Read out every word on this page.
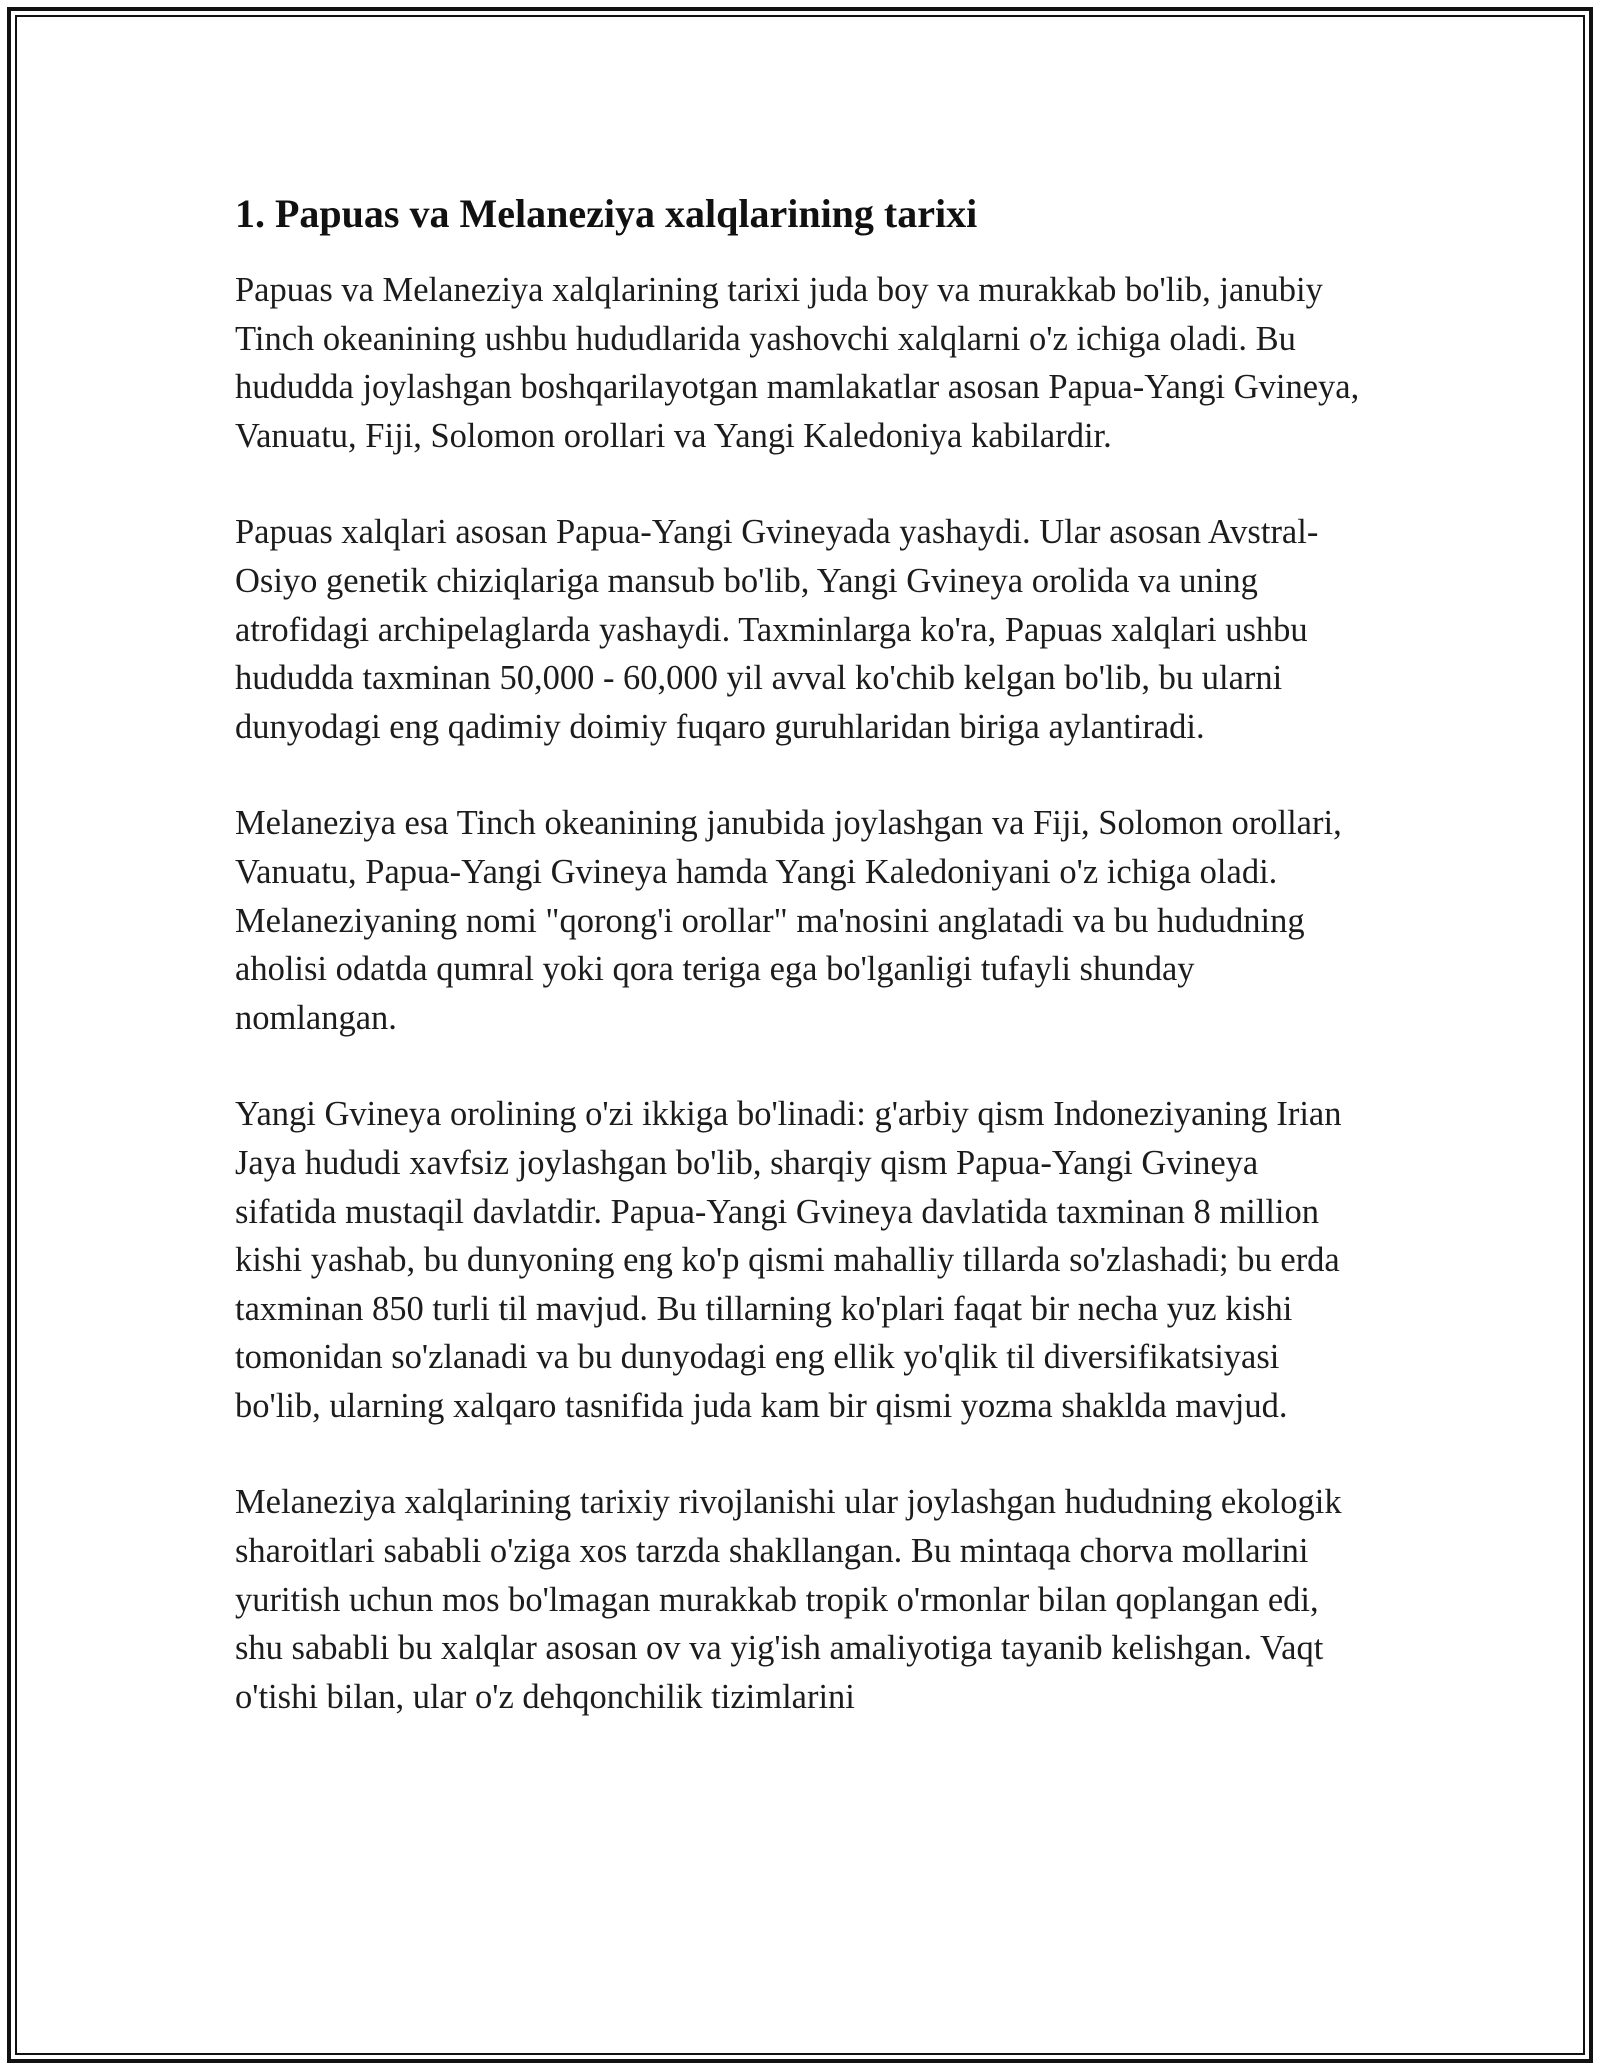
1. Papuas va Melaneziya xalqlarining tarixi

Papuas va Melaneziya xalqlarining tarixi juda boy va murakkab bo'lib, janubiy Tinch okeanining ushbu hududlarida yashovchi xalqlarni o'z ichiga oladi. Bu hududda joylashgan boshqarilayotgan mamlakatlar asosan Papua-Yangi Gvineya, Vanuatu, Fiji, Solomon orollari va Yangi Kaledoniya kabilardir.

Papuas xalqlari asosan Papua-Yangi Gvineyada yashaydi. Ular asosan Avstral-Osiyo genetik chiziqlariga mansub bo'lib, Yangi Gvineya orolida va uning atrofidagi archipelaglarda yashaydi. Taxminlarga ko'ra, Papuas xalqlari ushbu hududda taxminan 50,000 - 60,000 yil avval ko'chib kelgan bo'lib, bu ularni dunyodagi eng qadimiy doimiy fuqaro guruhlaridan biriga aylantiradi.

Melaneziya esa Tinch okeanining janubida joylashgan va Fiji, Solomon orollari, Vanuatu, Papua-Yangi Gvineya hamda Yangi Kaledoniyani o'z ichiga oladi. Melaneziyaning nomi "qorong'i orollar" ma'nosini anglatadi va bu hududning aholisi odatda qumral yoki qora teriga ega bo'lganligi tufayli shunday nomlangan.

Yangi Gvineya orolining o'zi ikkiga bo'linadi: g'arbiy qism Indoneziyaning Irian Jaya hududi xavfsiz joylashgan bo'lib, sharqiy qism Papua-Yangi Gvineya sifatida mustaqil davlatdir. Papua-Yangi Gvineya davlatida taxminan 8 million kishi yashab, bu dunyoning eng ko'p qismi mahalliy tillarda so'zlashadi; bu erda taxminan 850 turli til mavjud. Bu tillarning ko'plari faqat bir necha yuz kishi tomonidan so'zlanadi va bu dunyodagi eng ellik yo'qlik til diversifikatsiyasi bo'lib, ularning xalqaro tasnifida juda kam bir qismi yozma shaklda mavjud.

Melaneziya xalqlarining tarixiy rivojlanishi ular joylashgan hududning ekologik sharoitlari sababli o'ziga xos tarzda shakllangan. Bu mintaqa chorva mollarini yuritish uchun mos bo'lmagan murakkab tropik o'rmonlar bilan qoplangan edi, shu sababli bu xalqlar asosan ov va yig'ish amaliyotiga tayanib kelishgan. Vaqt o'tishi bilan, ular o'z dehqonchilik tizimlarini
